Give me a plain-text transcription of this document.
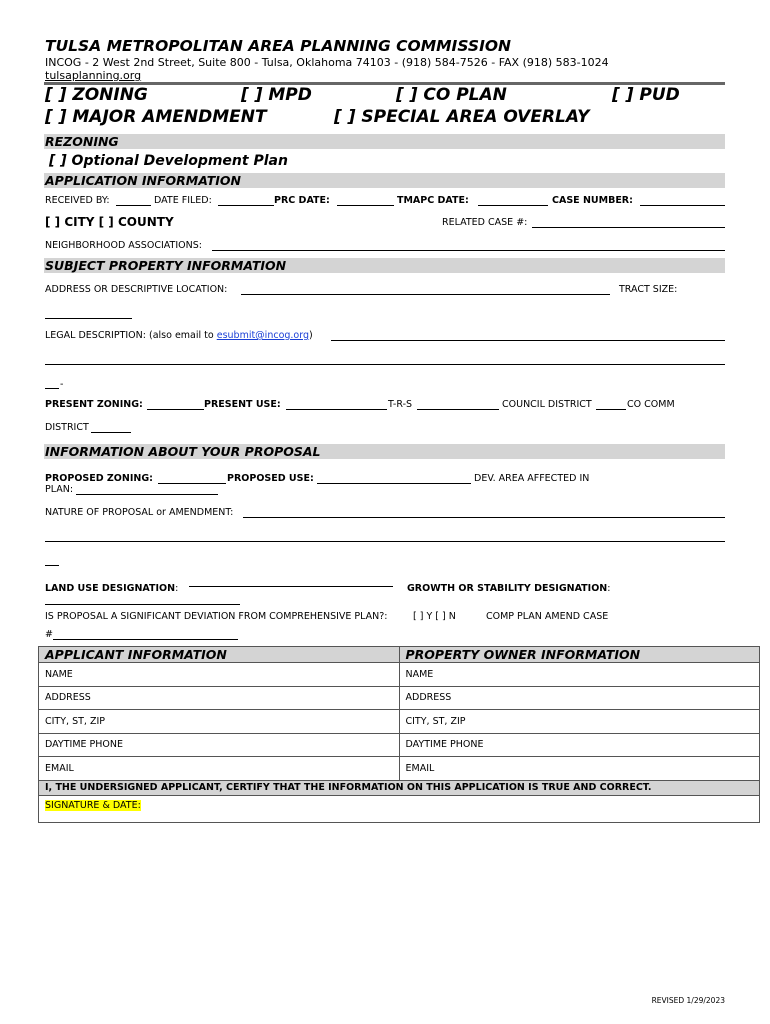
TULSA METROPOLITAN AREA PLANNING COMMISSION
INCOG - 2 West 2nd Street, Suite 800 - Tulsa, Oklahoma 74103 - (918) 584-7526 - FAX (918) 583-1024
tulsaplanning.org
[ ] ZONING	[ ] MPD	[ ] CO PLAN	[ ] PUD
[ ] MAJOR AMENDMENT	[ ] SPECIAL AREA OVERLAY
REZONING
[ ] Optional Development Plan
APPLICATION INFORMATION
RECEIVED BY:	DATE FILED:	PRC DATE:	TMAPC DATE:	CASE NUMBER:
[ ] CITY [ ] COUNTY	RELATED CASE #:
NEIGHBORHOOD ASSOCIATIONS:
SUBJECT PROPERTY INFORMATION
ADDRESS OR DESCRIPTIVE LOCATION:	TRACT SIZE:
LEGAL DESCRIPTION: (also email to esubmit@incog.org)
-
PRESENT ZONING:	PRESENT USE:	T-R-S	COUNCIL DISTRICT	CO COMM
DISTRICT
INFORMATION ABOUT YOUR PROPOSAL
PROPOSED ZONING:	PROPOSED USE:	DEV. AREA AFFECTED IN
PLAN:
NATURE OF PROPOSAL or AMENDMENT:
LAND USE DESIGNATION:	GROWTH OR STABILITY DESIGNATION:
IS PROPOSAL A SIGNIFICANT DEVIATION FROM COMPREHENSIVE PLAN?:	[ ] Y [ ] N	COMP PLAN AMEND CASE
#
APPLICANT INFORMATION	PROPERTY OWNER INFORMATION
NAME	NAME
ADDRESS	ADDRESS
CITY, ST, ZIP	CITY, ST, ZIP
DAYTIME PHONE	DAYTIME PHONE
EMAIL	EMAIL
I, THE UNDERSIGNED APPLICANT, CERTIFY THAT THE INFORMATION ON THIS APPLICATION IS TRUE AND CORRECT.	
SIGNATURE & DATE:	
REVISED 1/29/2023
